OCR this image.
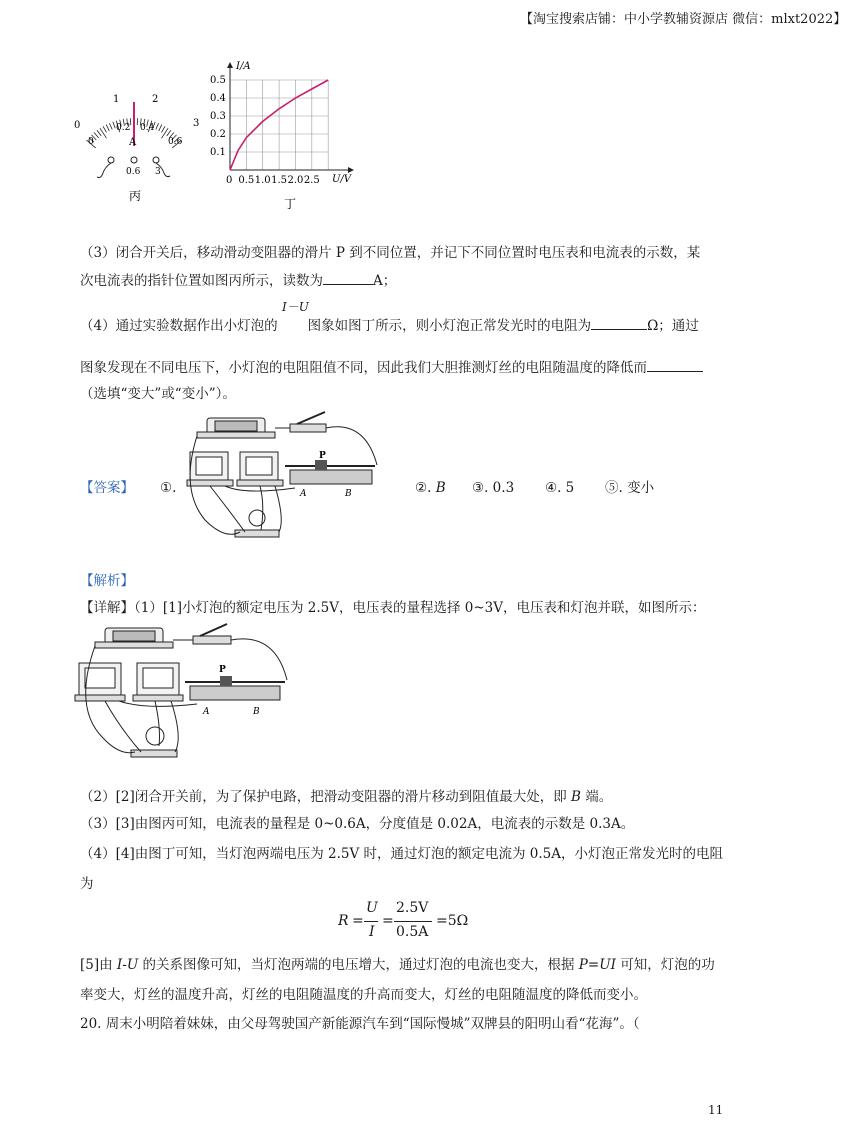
【淘宝搜索店铺：中小学教辅资源店 微信：mlxt2022】
0
1	2
3
0
0.2 0.4
0.6
A
0.6 3
丙
0.5 1.0 1.5 2.0 2.5
0.1
0.2
0.3
0.4
0.5
I/A
U/V
0
丁
（3）闭合开关后，移动滑动变阻器的滑片 P 到不同位置，并记下不同位置时电压表和电流表的示数，某
次电流表的指针位置如图丙所示，读数为	A；
I－U
（4）通过实验数据作出小灯泡的 图象如图丁所示，则小灯泡正常发光时的电阻为	Ω；通过
图象发现在不同电压下，小灯泡的电阻阻值不同，因此我们大胆推测灯丝的电阻随温度的降低而
（选填“变大”或“变小”）。
【答案】 ①.
P
A	B	②. B ③. 0.3 ④. 5 ⑤. 变小
【解析】
【详解】（1）[1]小灯泡的额定电压为 2.5V，电压表的量程选择 0~3V，电压表和灯泡并联，如图所示：
P
A	B
（2）[2]闭合开关前，为了保护电路，把滑动变阻器的滑片移动到阻值最大处，即 B 端。
（3）[3]由图丙可知，电流表的量程是 0~0.6A，分度值是 0.02A，电流表的示数是 0.3A。
（4）[4]由图丁可知，当灯泡两端电压为 2.5V 时，通过灯泡的额定电流为 0.5A，小灯泡正常发光时的电阻
为
R =
U
I
=
2.5V
0.5A
=5Ω
[5]由 I-U 的关系图像可知，当灯泡两端的电压增大，通过灯泡的电流也变大，根据 P=UI 可知，灯泡的功
率变大，灯丝的温度升高，灯丝的电阻随温度的升高而变大，灯丝的电阻随温度的降低而变小。
20. 周末小明陪着妹妹，由父母驾驶国产新能源汽车到“国际慢城”双牌县的阳明山看“花海”。（
11
